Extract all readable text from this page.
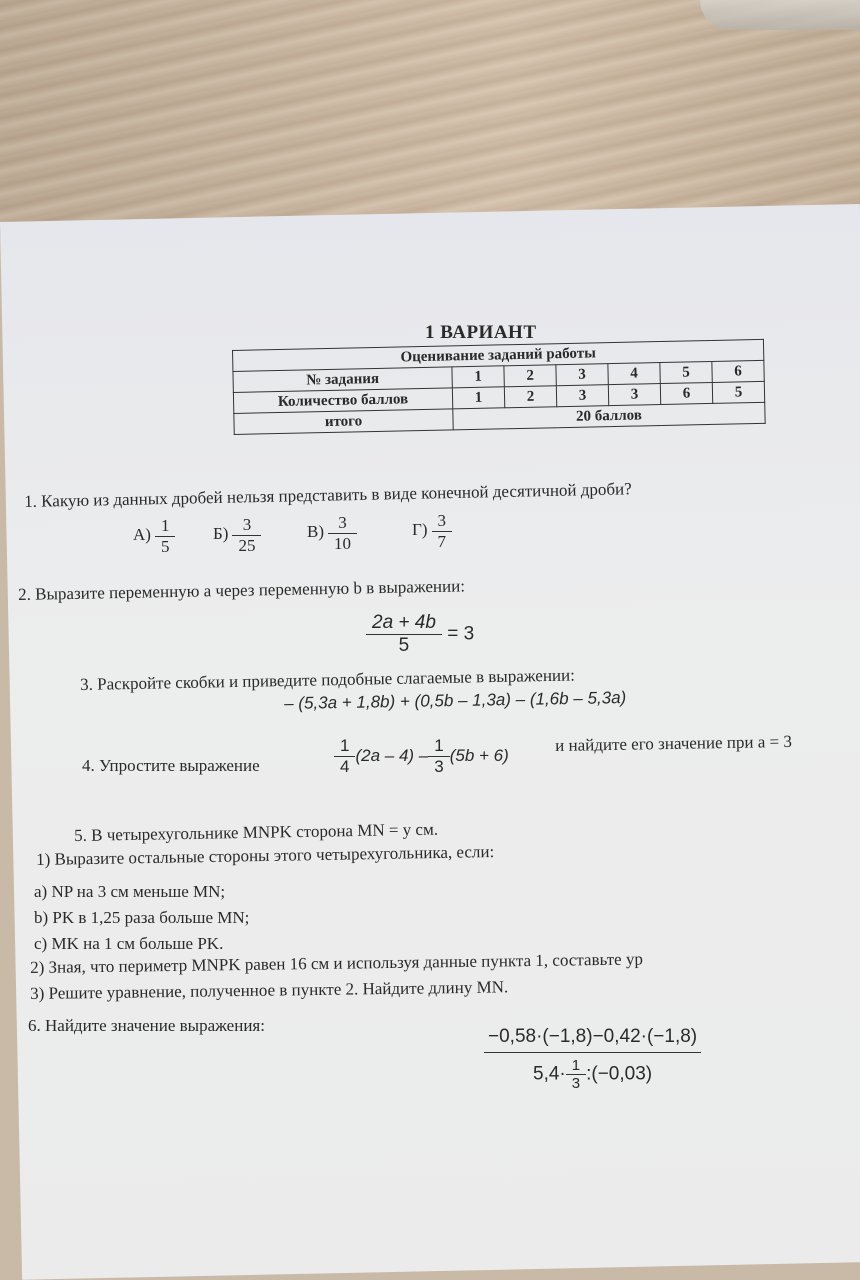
1 ВАРИАНТ
Оценивание заданий работы						
№ задания	1	2	3	4	5	6
Количество баллов	1	2	3	3	6	5
итого	20 баллов					
1. Какую из данных дробей нельзя представить в виде конечной десятичной дроби?
$А) \frac{1}{5} Б) \frac{3}{25}$	$В) \frac{3}{10}$	$Г) \frac{3}{7}$
2. Выразите переменную a через переменную b в выражении:
$\frac{2a + 4b}{5} = 3$
3. Раскройте скобки и приведите подобные слагаемые в выражении:
– (5,3a + 1,8b) + (0,5b – 1,3a) – (1,6b – 5,3a)
4. Упростите выражение	$\frac{1}{4} (2a - 4) - \frac{1}{3} (5b + 6)$
и найдите его значение при a = 3
5. В четырехугольнике MNPK сторона MN = y см.
1) Выразите остальные стороны этого четырехугольника, если:
a) NP на 3 см меньше MN;
b) PK в 1,25 раза больше MN;
c) MK на 1 см больше PK.
2) Зная, что периметр MNPK равен 16 см и используя данные пункта 1, составьте ур
3) Решите уравнение, полученное в пункте 2. Найдите длину MN.
6. Найдите значение выражения:
$\frac{-0,58\cdot(-1,8)-0,42\cdot(-1,8)}{5,4\cdot \frac{1}{3} :(-0,03)}$
